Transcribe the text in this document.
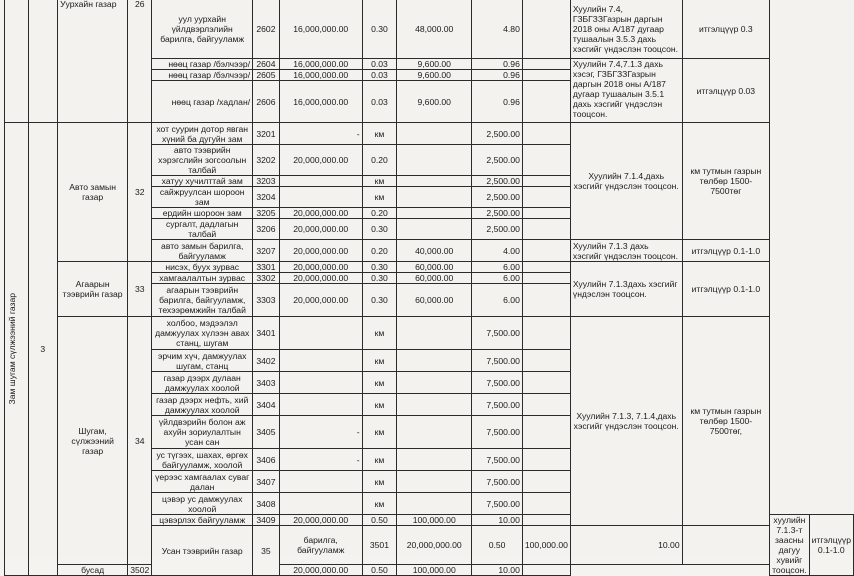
		Уурхайн газар	26	уул уурхайн үйлдвэрлэлийн барилга, байгууламж	2602	16,000,000.00	0.30	48,000.00	4.80		Хуулийн 7.4, ГЗБГЗЗГазрын даргын 2018 оны А/187 дугаар тушаалын 3.5.3 дахь хэсгийг үндэслэн тооцсон.	итгэлцүүр 0.3		
				нөөц газар /бэлчээр/	2604	16,000,000.00	0.03	9,600.00	0.96		Хуулийн 7.4,7.1.3 дахь хэсэг, ГЗБГЗЗГазрын даргын 2018 оны А/187 дугаар тушаалын 3.5.1 дахь хэсгийг үндэслэн тооцсон.	итгэлцүүр 0.03		
				нөөц газар /бэлчээр/	2605	16,000,000.00	0.03	9,600.00	0.96					
				нөөц газар /хадлан/	2606	16,000,000.00	0.03	9,600.00	0.96					

Зам шугам сүлжээний газар	3	Авто замын газар	32	хот суурин дотор явган хүний ба дугуйн зам	3201	-	км		2,500.00		Хуулийн 7.1.4,дахь хэсгийг үндэслэн тооцсон.	км тутмын газрын төлбөр 1500-7500төг		
				авто тээврийн хэрэгслийн зогсоолын талбай	3202	20,000,000.00	0.20		2,500.00					
				хатуу хучилттай зам	3203		км		2,500.00					
				сайжруулсан шороон зам	3204		км		2,500.00					
				ердийн шороон зам	3205	20,000,000.00	0.20		2,500.00					
				сургалт, дадлагын талбай	3206	20,000,000.00	0.30		2,500.00					
				авто замын барилга, байгууламж	3207	20,000,000.00	0.20	40,000.00	4.00		Хуулийн 7.1.3 дахь хэсгийг үндэслэн тооцсон.	итгэлцүүр 0.1-1.0		
		Агаарын тээврийн газар	33	нисэх, буух зурвас	3301	20,000,000.00	0.30	60,000.00	6.00		Хуулийн 7.1.3дахь хэсгийг үндэслэн тооцсон.	итгэлцүүр 0.1-1.0		
				хамгаалалтын зурвас	3302	20,000,000.00	0.30	60,000.00	6.00					
				агаарын тээврийн барилга, байгууламж, техээрөмжийн талбай	3303	20,000,000.00	0.30	60,000.00	6.00					
		Шугам, сүлжээний газар	34	холбоо, мэдээлэл дамжуулах хүлээн авах станц, шугам	3401		км		7,500.00		Хуулийн 7.1.3, 7.1.4,дахь хэсгийг үндэслэн тооцсон.	км тутмын газрын төлбөр 1500-7500төг,		
				эрчим хүч, дамжуулах шугам, станц	3402		км		7,500.00					
				газар дээрх дулаан дамжуулах хоолой	3403		км		7,500.00					
				газар дээрх нефть, хий дамжуулах хоолой	3404		км		7,500.00					
				үйлдвэрийн болон аж ахуйн зориулалтын усан сан	3405	-	км		7,500.00					
				ус түгээх, шахах, өргөх байгууламж, хоолой	3406	-	км		7,500.00					
				үерээс хамгаалах суваг далан	3407		км		7,500.00					
				цэвэр ус дамжуулах хоолой	3408		км		7,500.00					
				цэвэрлэх байгууламж	3409	20,000,000.00	0.50	100,000.00	10.00				хуулийн 7.1.3-т заасны дагуу хувийг тооцсон.	итгэлцүүр 0.1-1.0
				Усан тээврийн газар	35	барилга, байгууламж	3501	20,000,000.00	0.50	100,000.00	10.00			
		бусад	3502			20,000,000.00	0.50	100,000.00	10.00					
